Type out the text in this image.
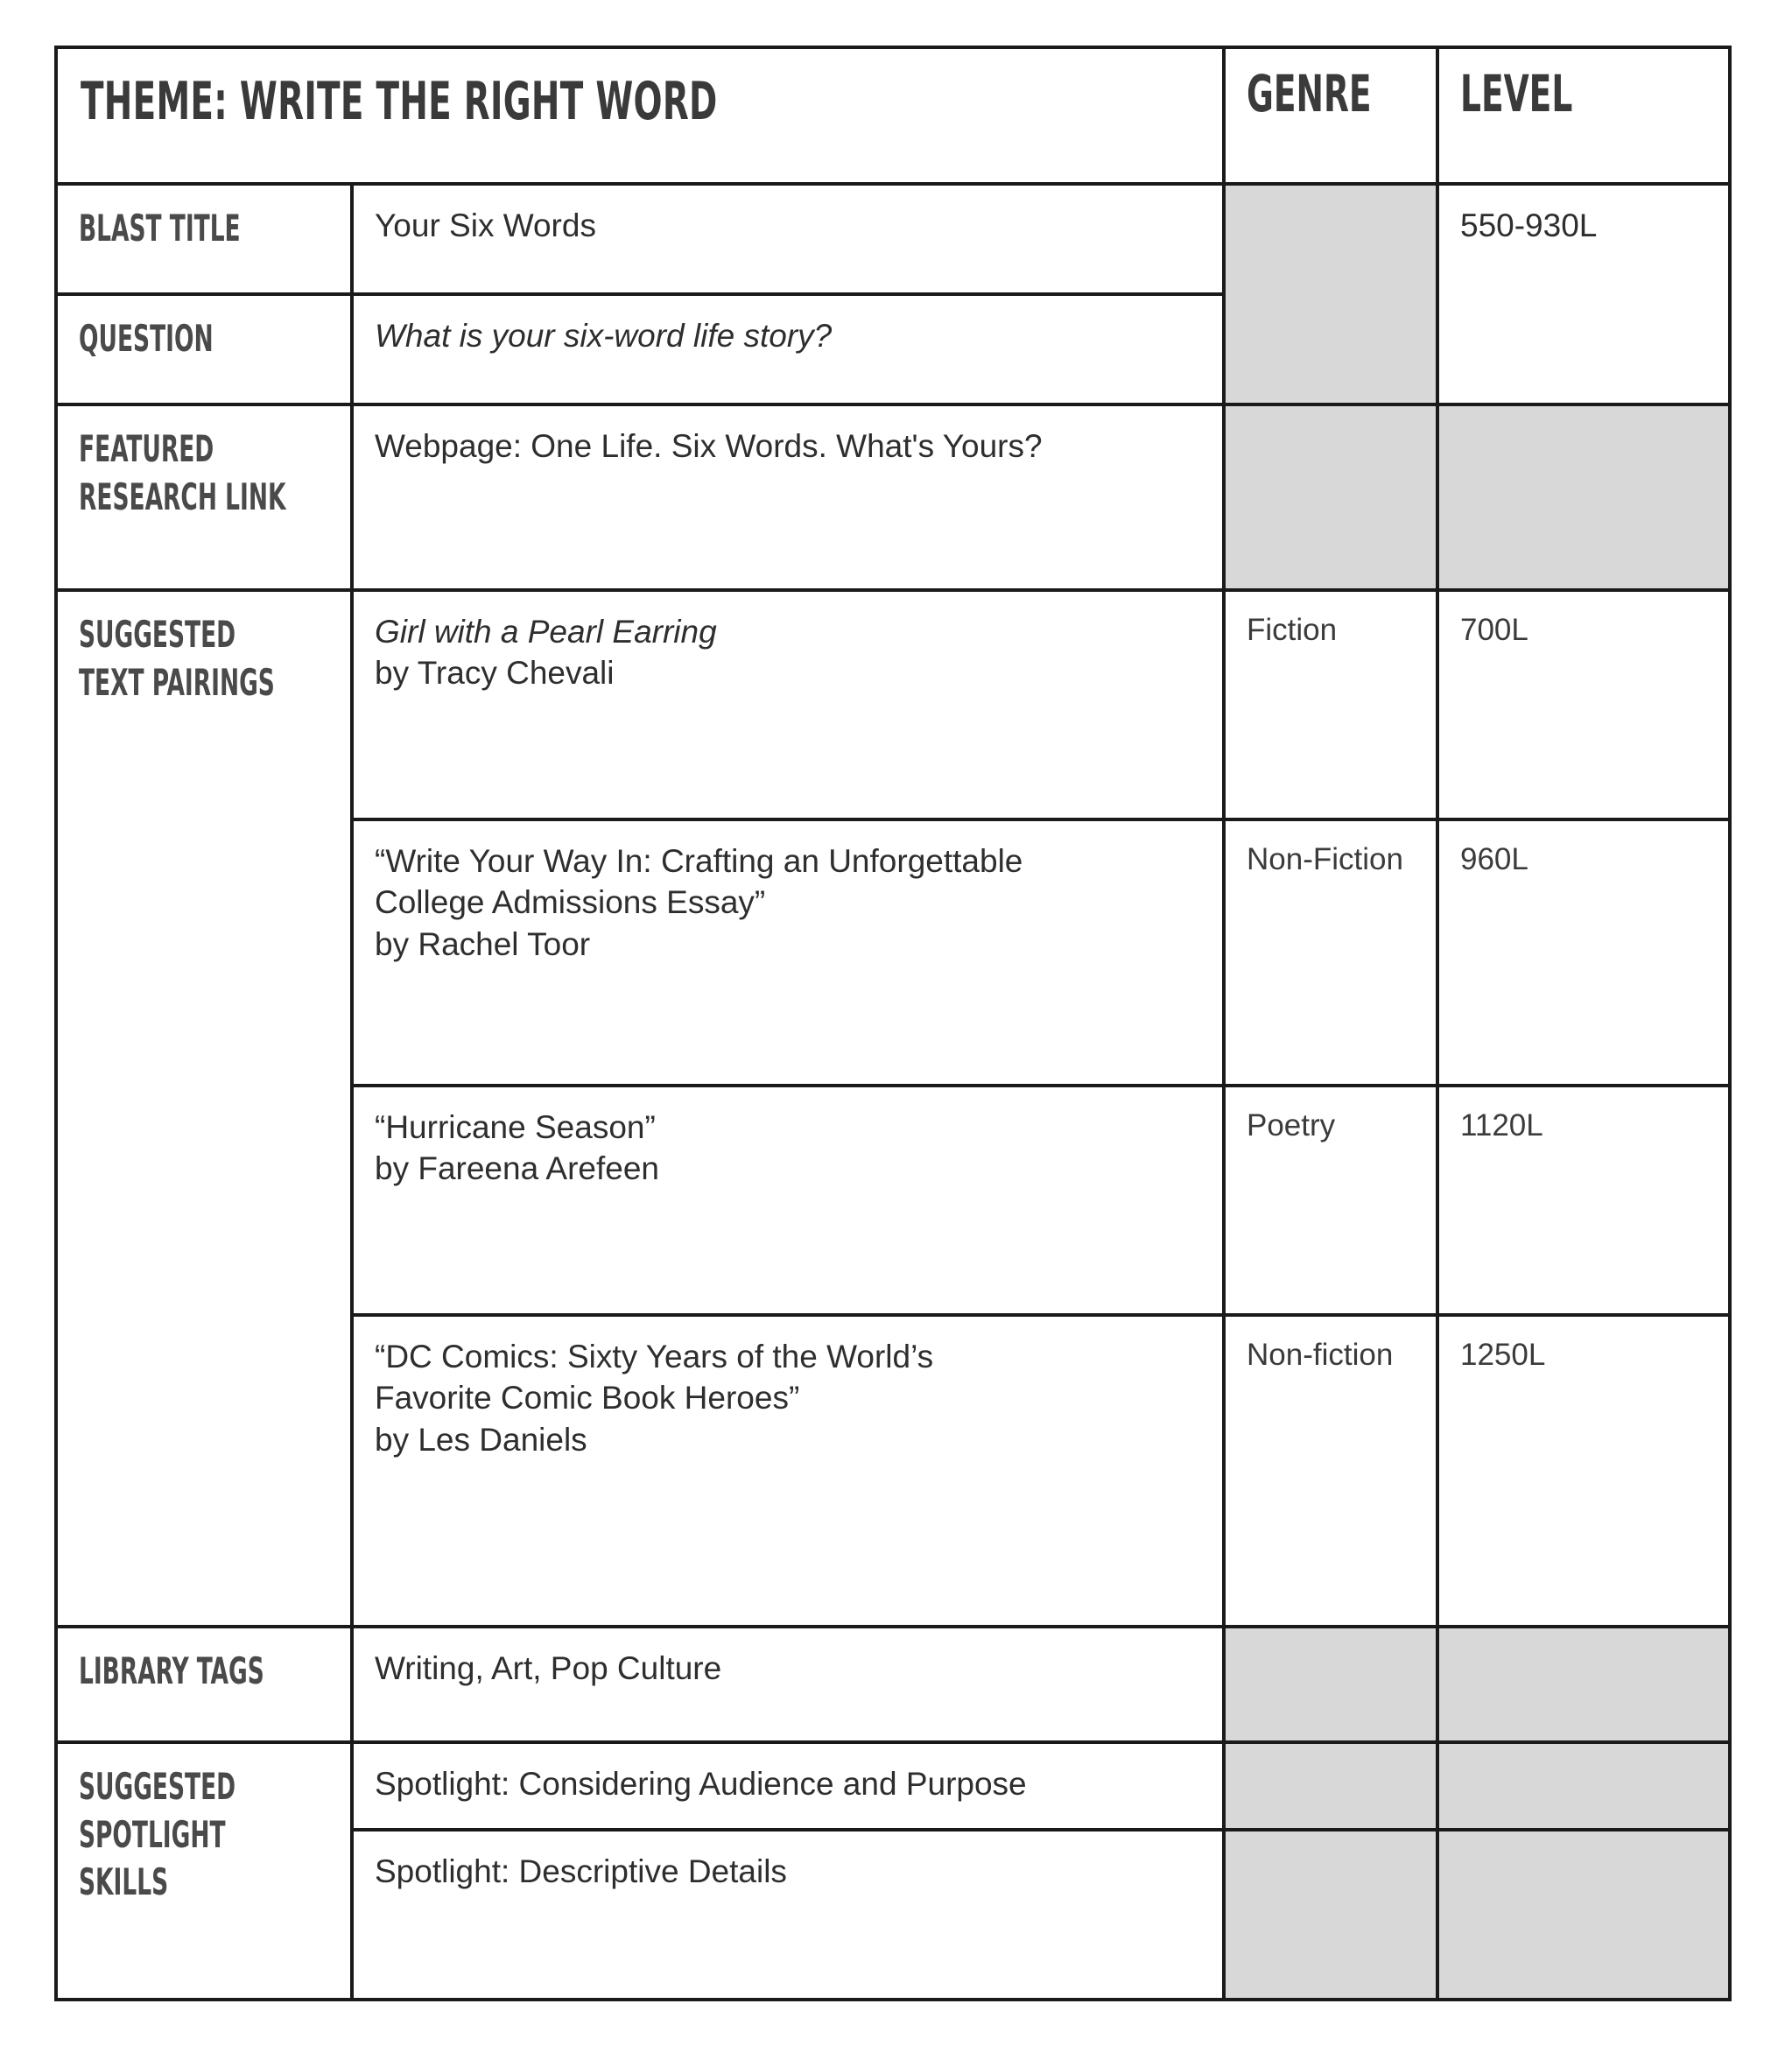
THEME: WRITE THE RIGHT WORD		GENRE	LEVEL

BLAST TITLE	Your Six Words		550-930L

QUESTION	What is your six-word life story?		

FEATURED
RESEARCH LINK	Webpage: One Life. Six Words. What's Yours?		

SUGGESTED
TEXT PAIRINGS	Girl with a Pearl Earring
by Tracy Chevali	Fiction	700L

	“Write Your Way In: Crafting an Unforgettable
College Admissions Essay”
by Rachel Toor	Non-Fiction	960L

	“Hurricane Season”
by Fareena Arefeen	Poetry	1120L

	“DC Comics: Sixty Years of the World’s
Favorite Comic Book Heroes”
by Les Daniels	Non-fiction	1250L

LIBRARY TAGS	Writing, Art, Pop Culture		

SUGGESTED
SPOTLIGHT
SKILLS	Spotlight: Considering Audience and Purpose		

	Spotlight: Descriptive Details		
